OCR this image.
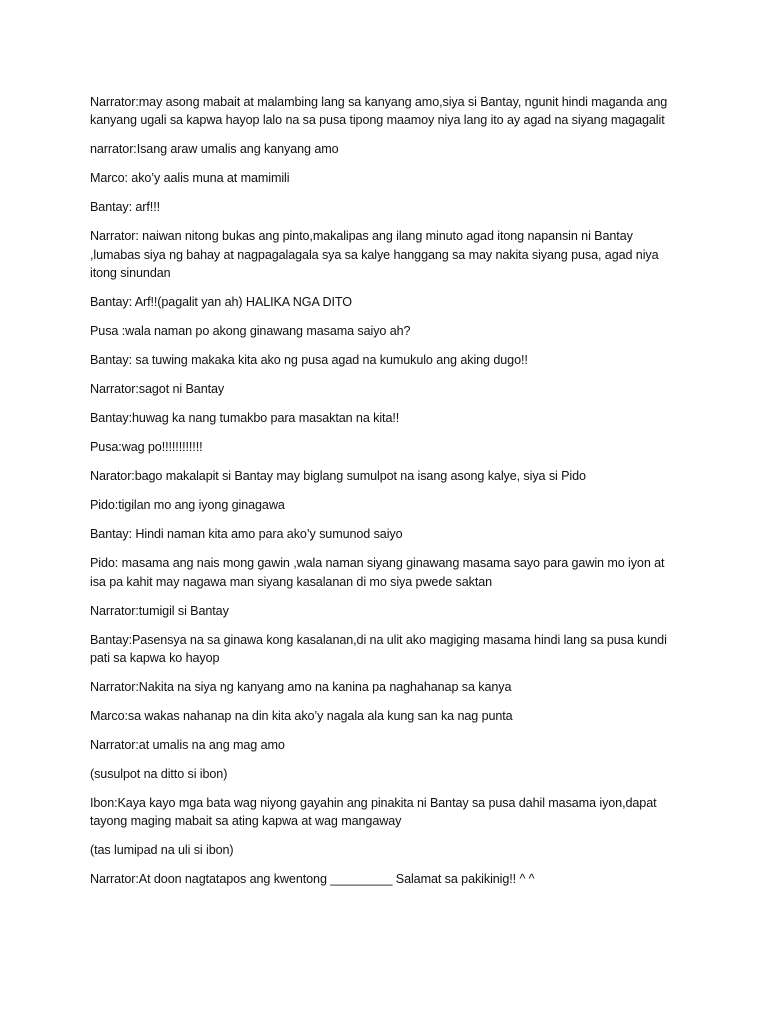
Narrator:may asong mabait at malambing lang sa kanyang amo,siya si Bantay, ngunit hindi maganda ang kanyang ugali sa kapwa hayop lalo na sa pusa tipong maamoy niya lang ito ay agad na siyang magagalit

narrator:Isang araw umalis ang kanyang amo

Marco: ako’y aalis muna at mamimili

Bantay: arf!!!

Narrator: naiwan nitong bukas ang pinto,makalipas ang ilang minuto agad itong napansin ni Bantay ,lumabas siya ng bahay at nagpagalagala sya sa kalye hanggang sa may nakita siyang pusa, agad niya itong sinundan

Bantay: Arf!!(pagalit yan ah) HALIKA NGA DITO

Pusa :wala naman po akong ginawang masama saiyo ah?

Bantay: sa tuwing makaka kita ako ng pusa agad na kumukulo ang aking dugo!!

Narrator:sagot ni Bantay

Bantay:huwag ka nang tumakbo para masaktan na kita!!

Pusa:wag po!!!!!!!!!!!!

Narator:bago makalapit si Bantay may biglang sumulpot na isang asong kalye, siya si Pido

Pido:tigilan mo ang iyong ginagawa

Bantay: Hindi naman kita amo para ako’y sumunod saiyo

Pido: masama ang nais mong gawin ,wala naman siyang ginawang masama sayo para gawin mo iyon at isa pa kahit may nagawa man siyang kasalanan di mo siya pwede saktan

Narrator:tumigil si Bantay

Bantay:Pasensya na sa ginawa kong kasalanan,di na ulit ako magiging masama hindi lang sa pusa kundi pati sa kapwa ko hayop

Narrator:Nakita na siya ng kanyang amo na kanina pa naghahanap sa kanya

Marco:sa wakas nahanap na din kita ako’y nagala ala kung san ka nag punta

Narrator:at umalis na ang mag amo

(susulpot na ditto si ibon)

Ibon:Kaya kayo mga bata wag niyong gayahin ang pinakita ni Bantay sa pusa dahil masama iyon,dapat tayong maging mabait sa ating kapwa at wag mangaway

(tas lumipad na uli si ibon)

Narrator:At doon nagtatapos ang kwentong _________ Salamat sa pakikinig!! ^ ^
